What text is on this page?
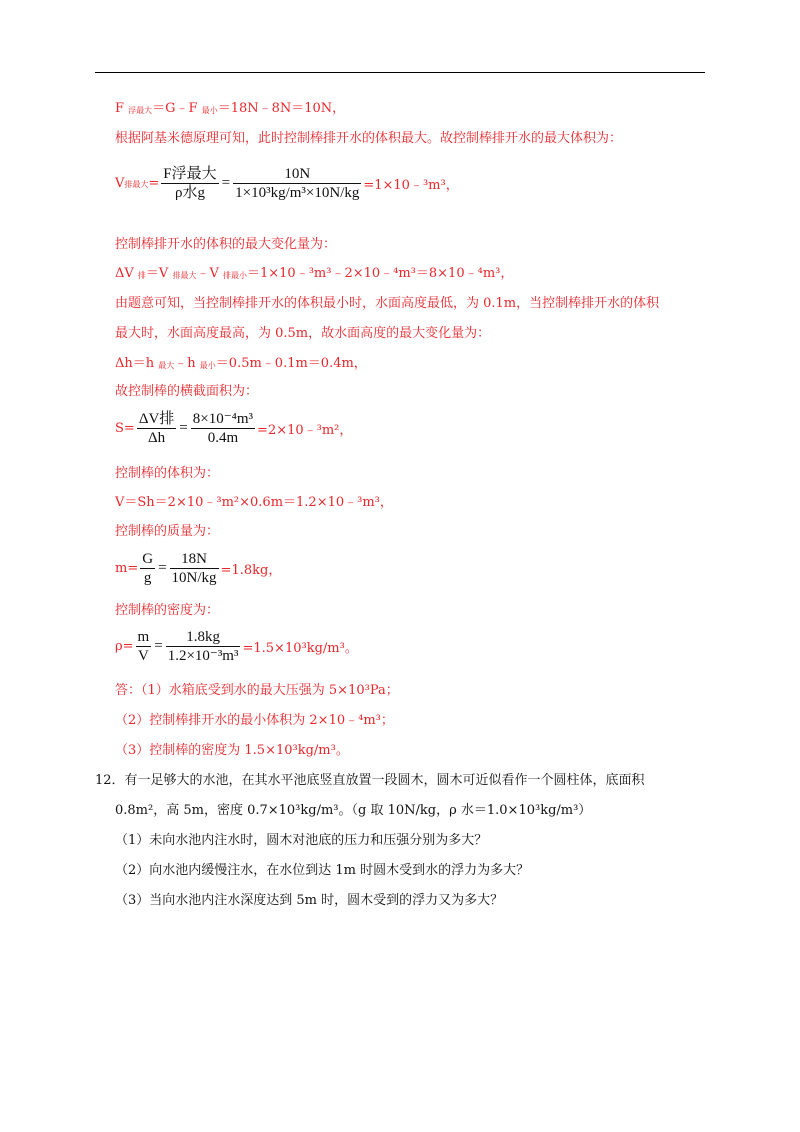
F 浮最大＝G﹣F 最小＝18N﹣8N＝10N，
根据阿基米德原理可知，此时控制棒排开水的体积最大。故控制棒排开水的最大体积为：
V 排最大 = $\frac{\text{F浮最大}}{\text{ρ水g}} = \frac{10N}{\text{1×10³kg/m³×10N/kg}}$ =1×10﹣³m³，
控制棒排开水的体积的最大变化量为：
ΔV 排＝V 排最大﹣V 排最小＝1×10﹣³m³﹣2×10﹣⁴m³＝8×10﹣⁴m³，
由题意可知，当控制棒排开水的体积最小时，水面高度最低，为 0.1m，当控制棒排开水的体积
最大时，水面高度最高，为 0.5m，故水面高度的最大变化量为：
Δh＝h 最大﹣h 最小＝0.5m﹣0.1m＝0.4m，
故控制棒的横截面积为：
$S= \frac{\text{ΔV排}}{\Delta h} = \frac{\text{8×10⁻⁴m³}}{0.4m}$ =2×10﹣³m²，
控制棒的体积为：
V＝Sh＝2×10﹣³m²×0.6m＝1.2×10﹣³m³，
控制棒的质量为：
$m= \frac{G}{g} = \frac{18N}{10N/kg} =1.8kg$，
控制棒的密度为：
$\rho= \frac{m}{V} = \frac{1.8kg}{\text{1.2×10⁻³m³}} =1.5\times 10^3kg/m^3$。
答：（1）水箱底受到水的最大压强为 5×10³Pa；
（2）控制棒排开水的最小体积为 2×10﹣⁴m³；
（3）控制棒的密度为 1.5×10³kg/m³。
12．有一足够大的水池，在其水平池底竖直放置一段圆木，圆木可近似看作一个圆柱体，底面积
0.8m²，高 5m，密度 0.7×10³kg/m³。（g 取 10N/kg，ρ 水＝1.0×10³kg/m³）
（1）未向水池内注水时，圆木对池底的压力和压强分别为多大？
（2）向水池内缓慢注水，在水位到达 1m 时圆木受到水的浮力为多大？
（3）当向水池内注水深度达到 5m 时，圆木受到的浮力又为多大？
